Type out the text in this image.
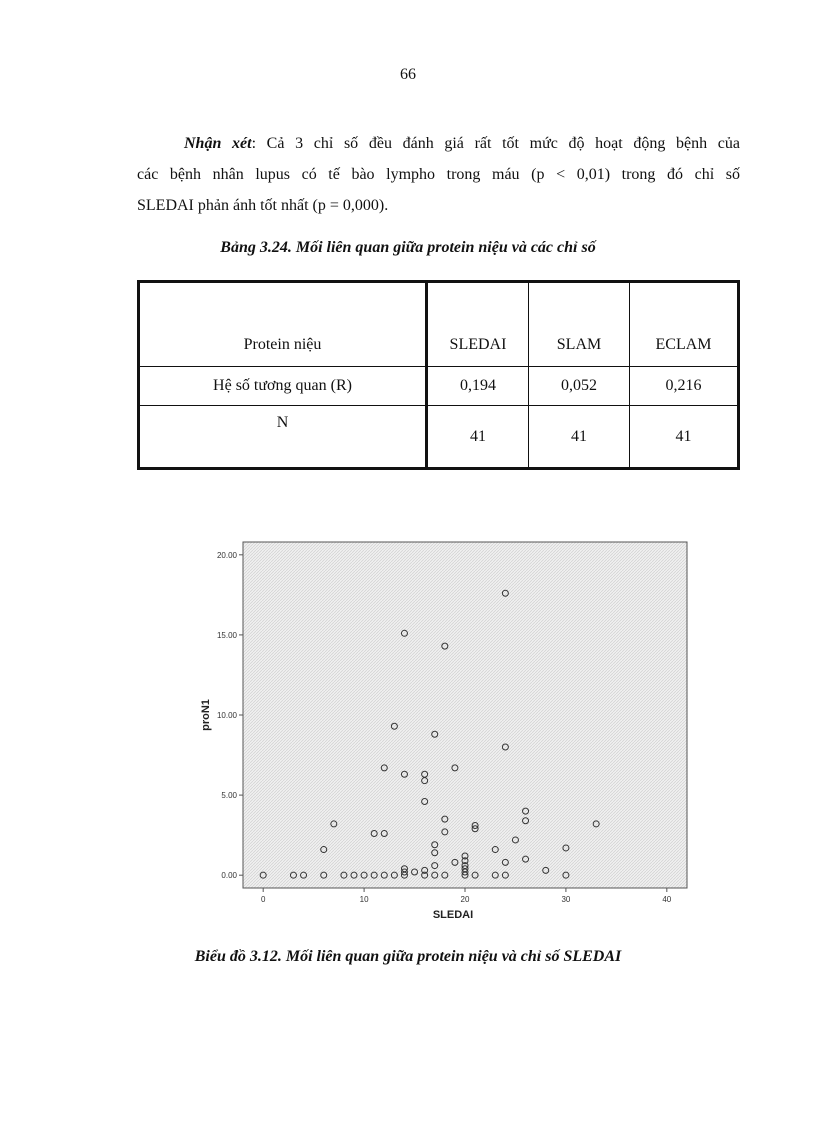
66
Nhận xét: Cả 3 chỉ số đều đánh giá rất tốt mức độ hoạt động bệnh của
các bệnh nhân lupus có tế bào lympho trong máu (p < 0,01) trong đó chỉ số
SLEDAI phản ánh tốt nhất (p = 0,000).
Bảng 3.24. Mối liên quan giữa protein niệu và các chỉ số
Protein niệu	SLEDAI	SLAM	ECLAM
Hệ số tương quan (R)	0,194	0,052	0,216
N	41	41	41
0.00
5.00
10.00
15.00
20.00
0	10	20	30	40
proN1
SLEDAI
Biểu đồ 3.12. Mối liên quan giữa protein niệu và chỉ số SLEDAI
